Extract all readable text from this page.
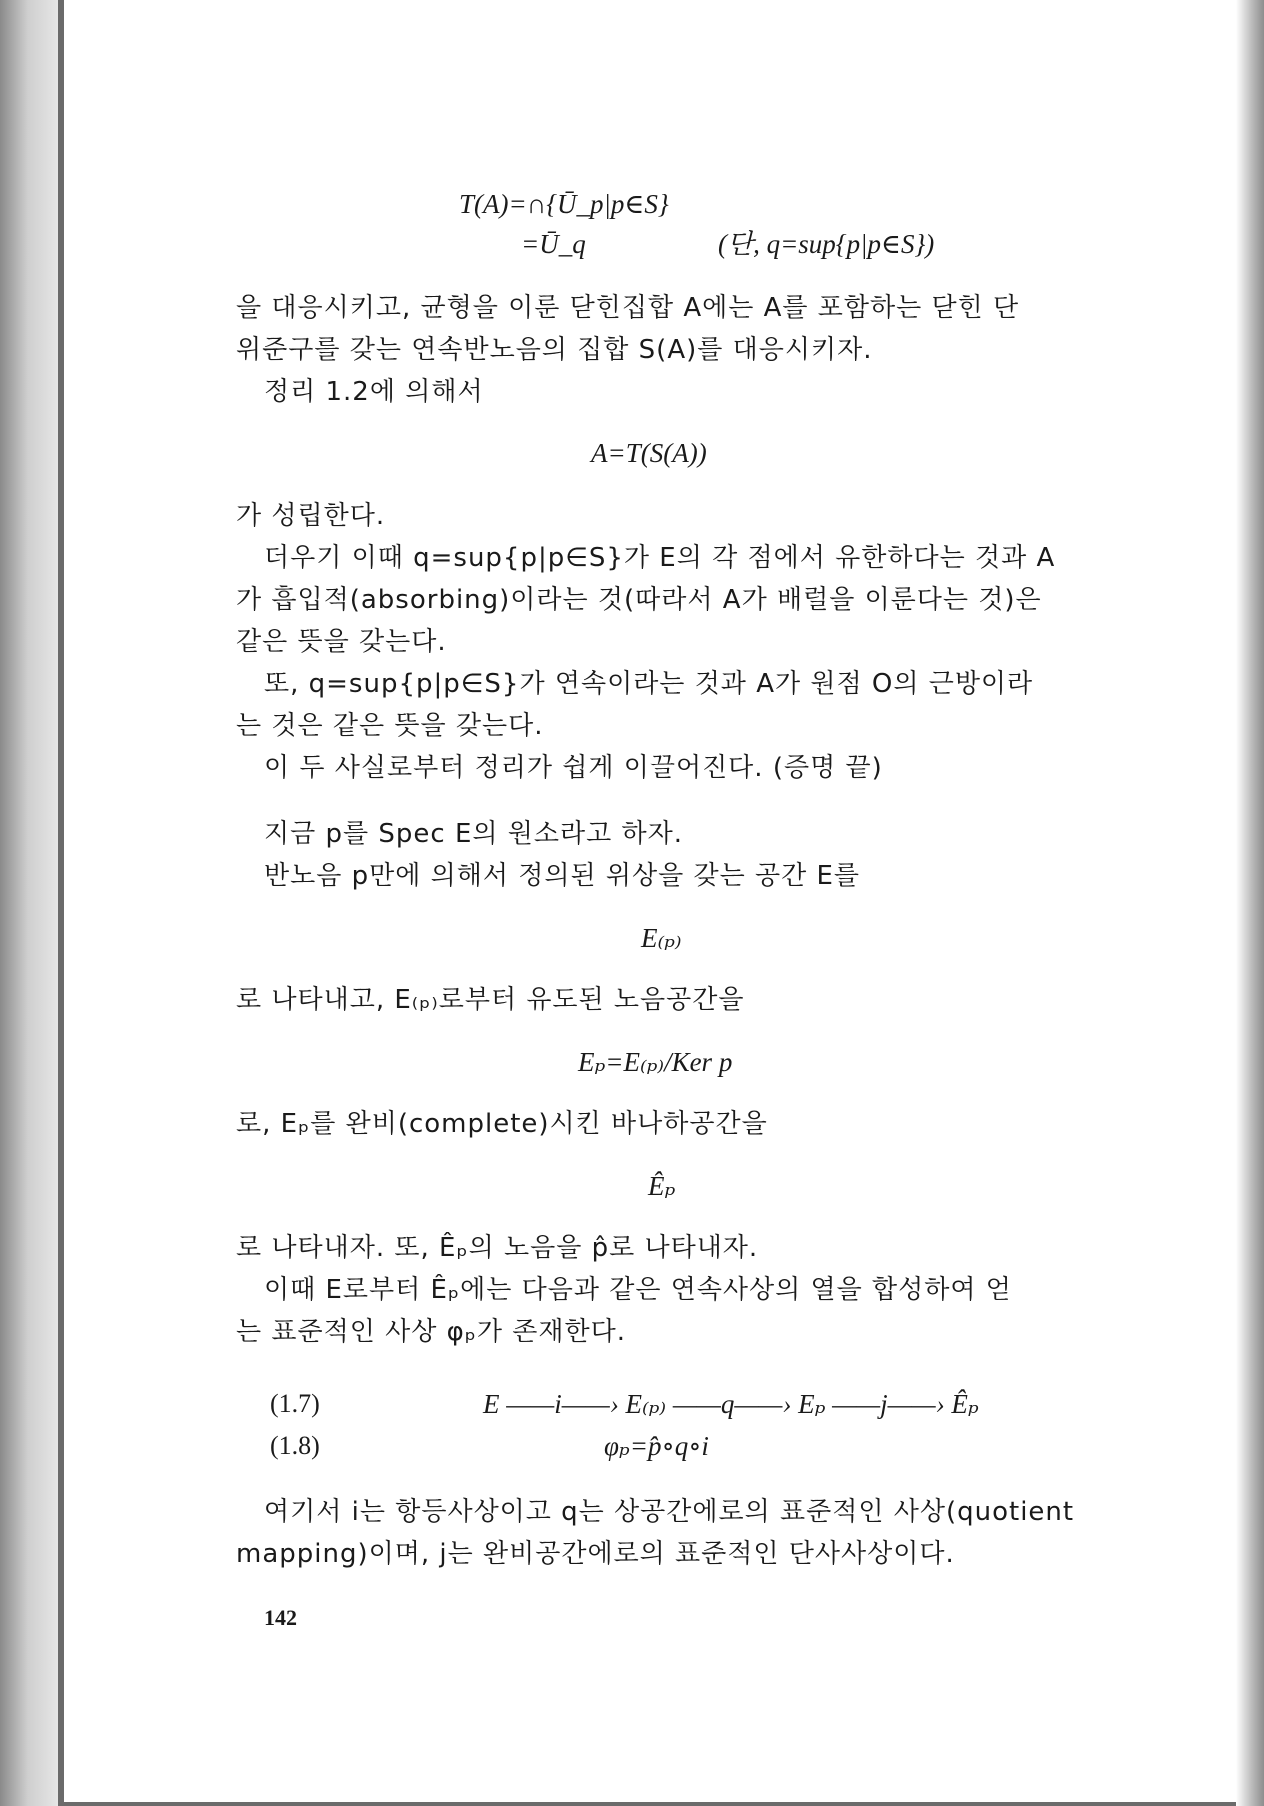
T(A)=∩{Ū_p|p∈S}
=Ū_q	(단, q=sup{p|p∈S})
을 대응시키고, 균형을 이룬 닫힌집합 A에는 A를 포함하는 닫힌 단
위준구를 갖는 연속반노음의 집합 S(A)를 대응시키자.
정리 1.2에 의해서
A=T(S(A))
가 성립한다.
더우기 이때 q=sup{p|p∈S}가 E의 각 점에서 유한하다는 것과 A
가 흡입적(absorbing)이라는 것(따라서 A가 배럴을 이룬다는 것)은
같은 뜻을 갖는다.
또, q=sup{p|p∈S}가 연속이라는 것과 A가 원점 O의 근방이라
는 것은 같은 뜻을 갖는다.
이 두 사실로부터 정리가 쉽게 이끌어진다. (증명 끝)
지금 p를 Spec E의 원소라고 하자.
반노음 p만에 의해서 정의된 위상을 갖는 공간 E를
E₍ₚ₎
로 나타내고, E₍ₚ₎로부터 유도된 노음공간을
Eₚ=E₍ₚ₎/Ker p
로, Eₚ를 완비(complete)시킨 바나하공간을
Êₚ
로 나타내자. 또, Êₚ의 노음을 p̂로 나타내자.
이때 E로부터 Êₚ에는 다음과 같은 연속사상의 열을 합성하여 얻
는 표준적인 사상 φₚ가 존재한다.
(1.7)	E ——i——› E₍ₚ₎ ——q——› Eₚ ——j——› Êₚ
(1.8)	φₚ=p̂∘q∘i
여기서 i는 항등사상이고 q는 상공간에로의 표준적인 사상(quotient
mapping)이며, j는 완비공간에로의 표준적인 단사사상이다.
142
